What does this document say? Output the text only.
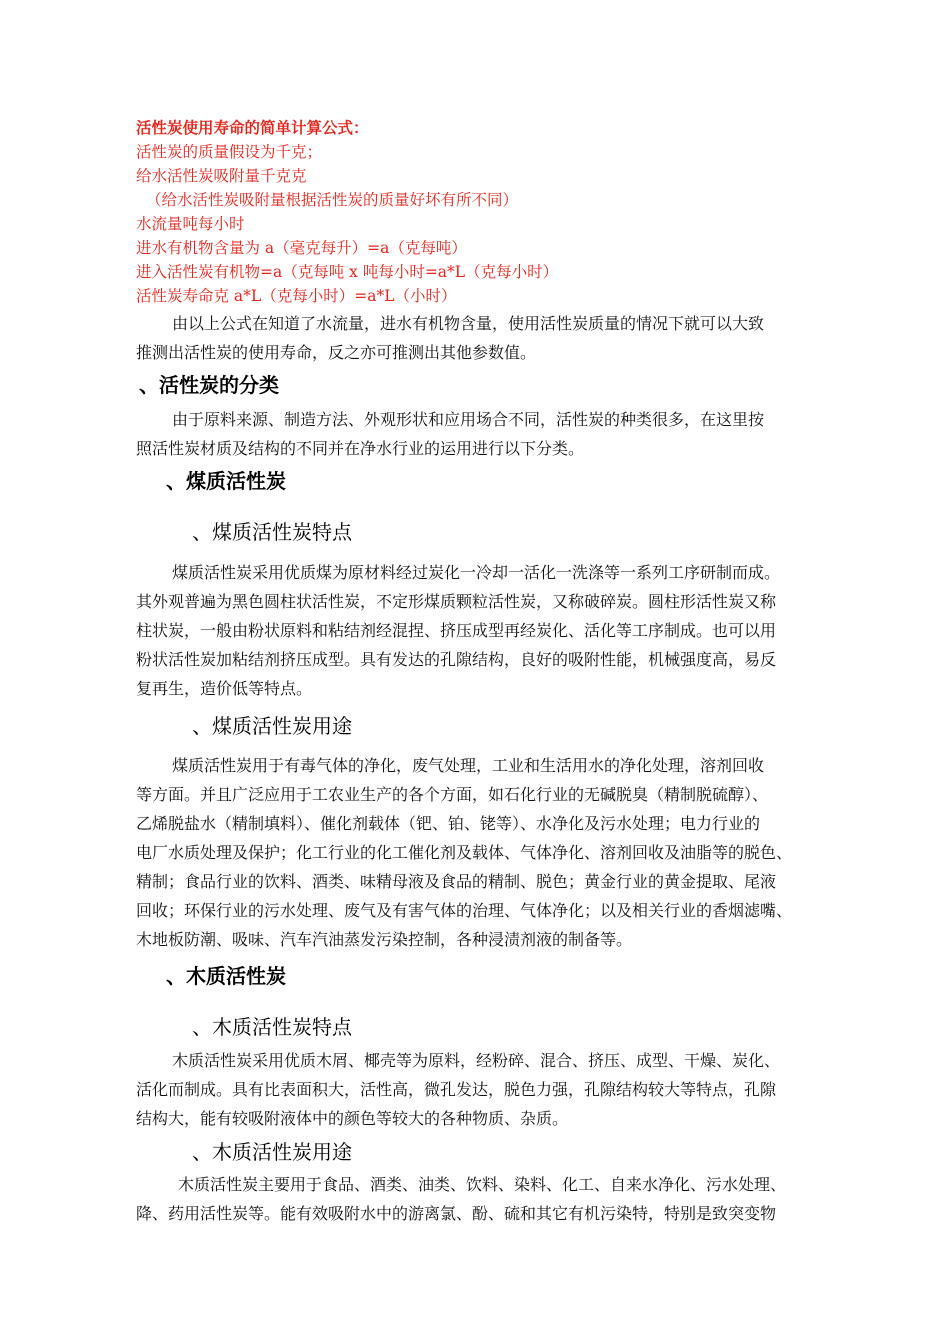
活性炭使用寿命的简单计算公式：
活性炭的质量假设为千克；
给水活性炭吸附量千克克
（给水活性炭吸附量根据活性炭的质量好坏有所不同）
水流量吨每小时
进水有机物含量为 a（毫克每升）=a（克每吨）
进入活性炭有机物=a（克每吨 x 吨每小时=a*L（克每小时）
活性炭寿命克 a*L（克每小时）=a*L（小时）
由以上公式在知道了水流量，进水有机物含量，使用活性炭质量的情况下就可以大致
推测出活性炭的使用寿命，反之亦可推测出其他参数值。
、活性炭的分类
由于原料来源、制造方法、外观形状和应用场合不同，活性炭的种类很多，在这里按
照活性炭材质及结构的不同并在净水行业的运用进行以下分类。
、煤质活性炭
、煤质活性炭特点
煤质活性炭采用优质煤为原材料经过炭化一冷却一活化一洗涤等一系列工序研制而成。
其外观普遍为黑色圆柱状活性炭，不定形煤质颗粒活性炭，又称破碎炭。圆柱形活性炭又称
柱状炭，一般由粉状原料和粘结剂经混捏、挤压成型再经炭化、活化等工序制成。也可以用
粉状活性炭加粘结剂挤压成型。具有发达的孔隙结构，良好的吸附性能，机械强度高，易反
复再生，造价低等特点。
、煤质活性炭用途
煤质活性炭用于有毒气体的净化，废气处理，工业和生活用水的净化处理，溶剂回收
等方面。并且广泛应用于工农业生产的各个方面，如石化行业的无碱脱臭（精制脱硫醇）、
乙烯脱盐水（精制填料）、催化剂载体（钯、铂、铑等）、水净化及污水处理；电力行业的
电厂水质处理及保护；化工行业的化工催化剂及载体、气体净化、溶剂回收及油脂等的脱色、
精制；食品行业的饮料、酒类、味精母液及食品的精制、脱色；黄金行业的黄金提取、尾液
回收；环保行业的污水处理、废气及有害气体的治理、气体净化；以及相关行业的香烟滤嘴、
木地板防潮、吸味、汽车汽油蒸发污染控制，各种浸渍剂液的制备等。
、木质活性炭
、木质活性炭特点
木质活性炭采用优质木屑、椰壳等为原料，经粉碎、混合、挤压、成型、干燥、炭化、
活化而制成。具有比表面积大，活性高，微孔发达，脱色力强，孔隙结构较大等特点，孔隙
结构大，能有较吸附液体中的颜色等较大的各种物质、杂质。
、木质活性炭用途
木质活性炭主要用于食品、酒类、油类、饮料、染料、化工、自来水净化、污水处理、
降、药用活性炭等。能有效吸附水中的游离氯、酚、硫和其它有机污染特，特别是致突变物
